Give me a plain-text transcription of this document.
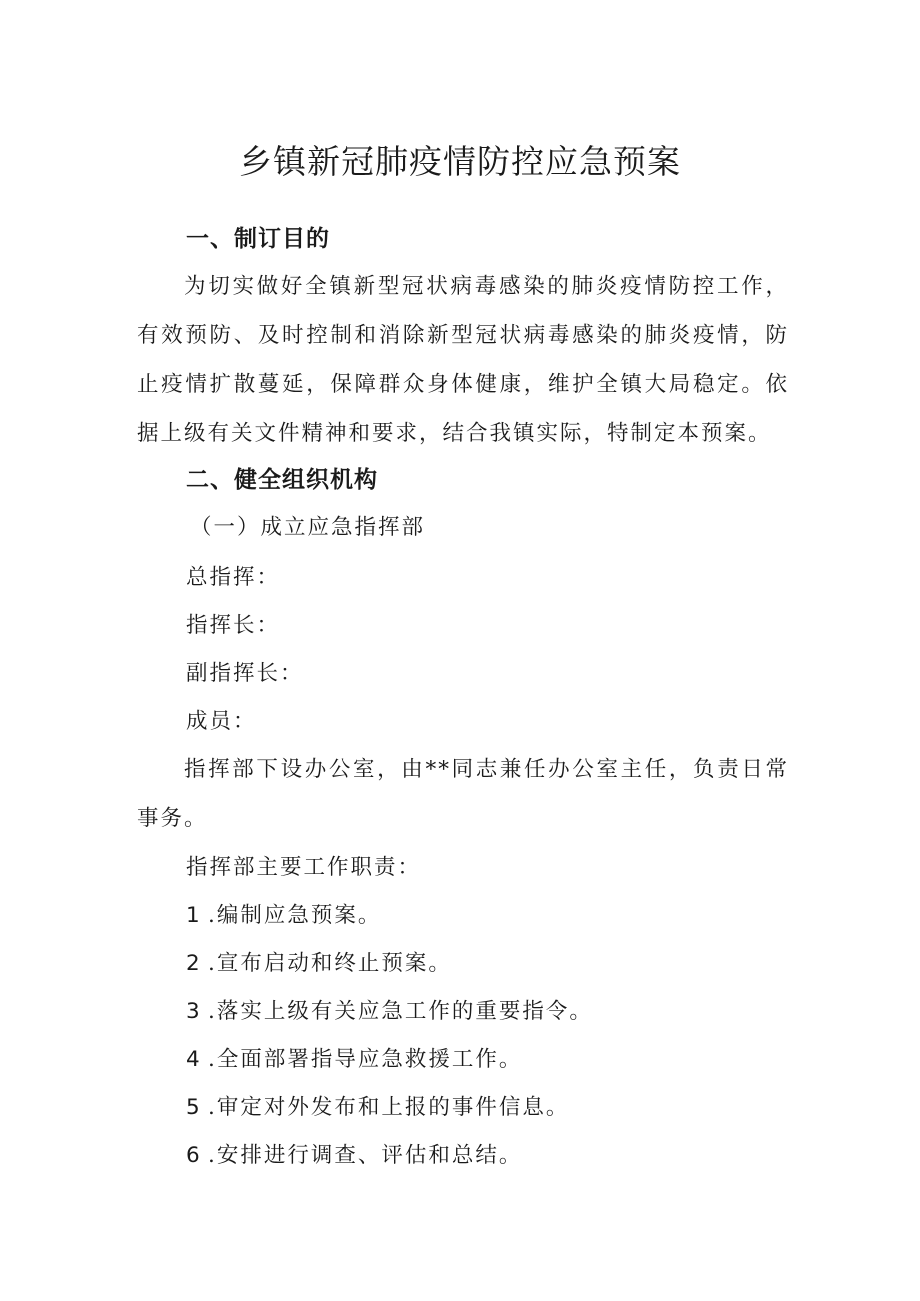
乡镇新冠肺疫情防控应急预案
一、制订目的

为切实做好全镇新型冠状病毒感染的肺炎疫情防控工作，有效预防、及时控制和消除新型冠状病毒感染的肺炎疫情，防止疫情扩散蔓延，保障群众身体健康，维护全镇大局稳定。依据上级有关文件精神和要求，结合我镇实际，特制定本预案。

二、健全组织机构

（一）成立应急指挥部

总指挥：

指挥长：

副指挥长：

成员：

指挥部下设办公室，由**同志兼任办公室主任，负责日常事务。

指挥部主要工作职责：

1 .编制应急预案。

2 .宣布启动和终止预案。

3 .落实上级有关应急工作的重要指令。

4 .全面部署指导应急救援工作。

5 .审定对外发布和上报的事件信息。

6 .安排进行调查、评估和总结。
